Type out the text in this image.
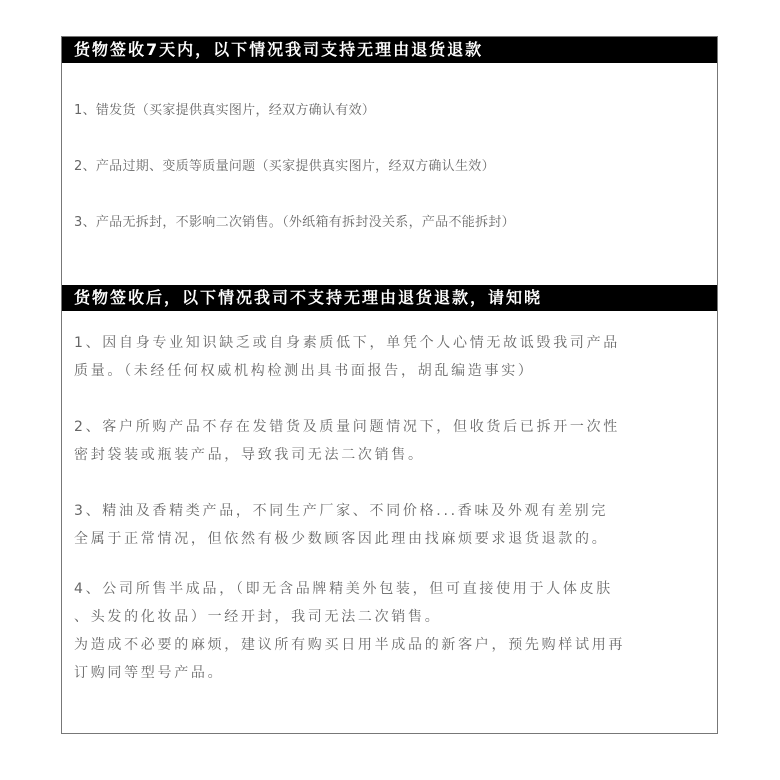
货物签收7天内，以下情况我司支持无理由退货退款
1、错发货（买家提供真实图片，经双方确认有效）
2、产品过期、变质等质量问题（买家提供真实图片，经双方确认生效）
3、产品无拆封，不影响二次销售。（外纸箱有拆封没关系，产品不能拆封）
货物签收后，以下情况我司不支持无理由退货退款，请知晓

1、因自身专业知识缺乏或自身素质低下，单凭个人心情无故诋毁我司产品

质量。（未经任何权威机构检测出具书面报告，胡乱编造事实）

2、客户所购产品不存在发错货及质量问题情况下，但收货后已拆开一次性

密封袋装或瓶装产品，导致我司无法二次销售。

3、精油及香精类产品，不同生产厂家、不同价格...香味及外观有差别完

全属于正常情况，但依然有极少数顾客因此理由找麻烦要求退货退款的。

4、公司所售半成品，（即无含品牌精美外包装，但可直接使用于人体皮肤

、头发的化妆品）一经开封，我司无法二次销售。

为造成不必要的麻烦，建议所有购买日用半成品的新客户，预先购样试用再

订购同等型号产品。
